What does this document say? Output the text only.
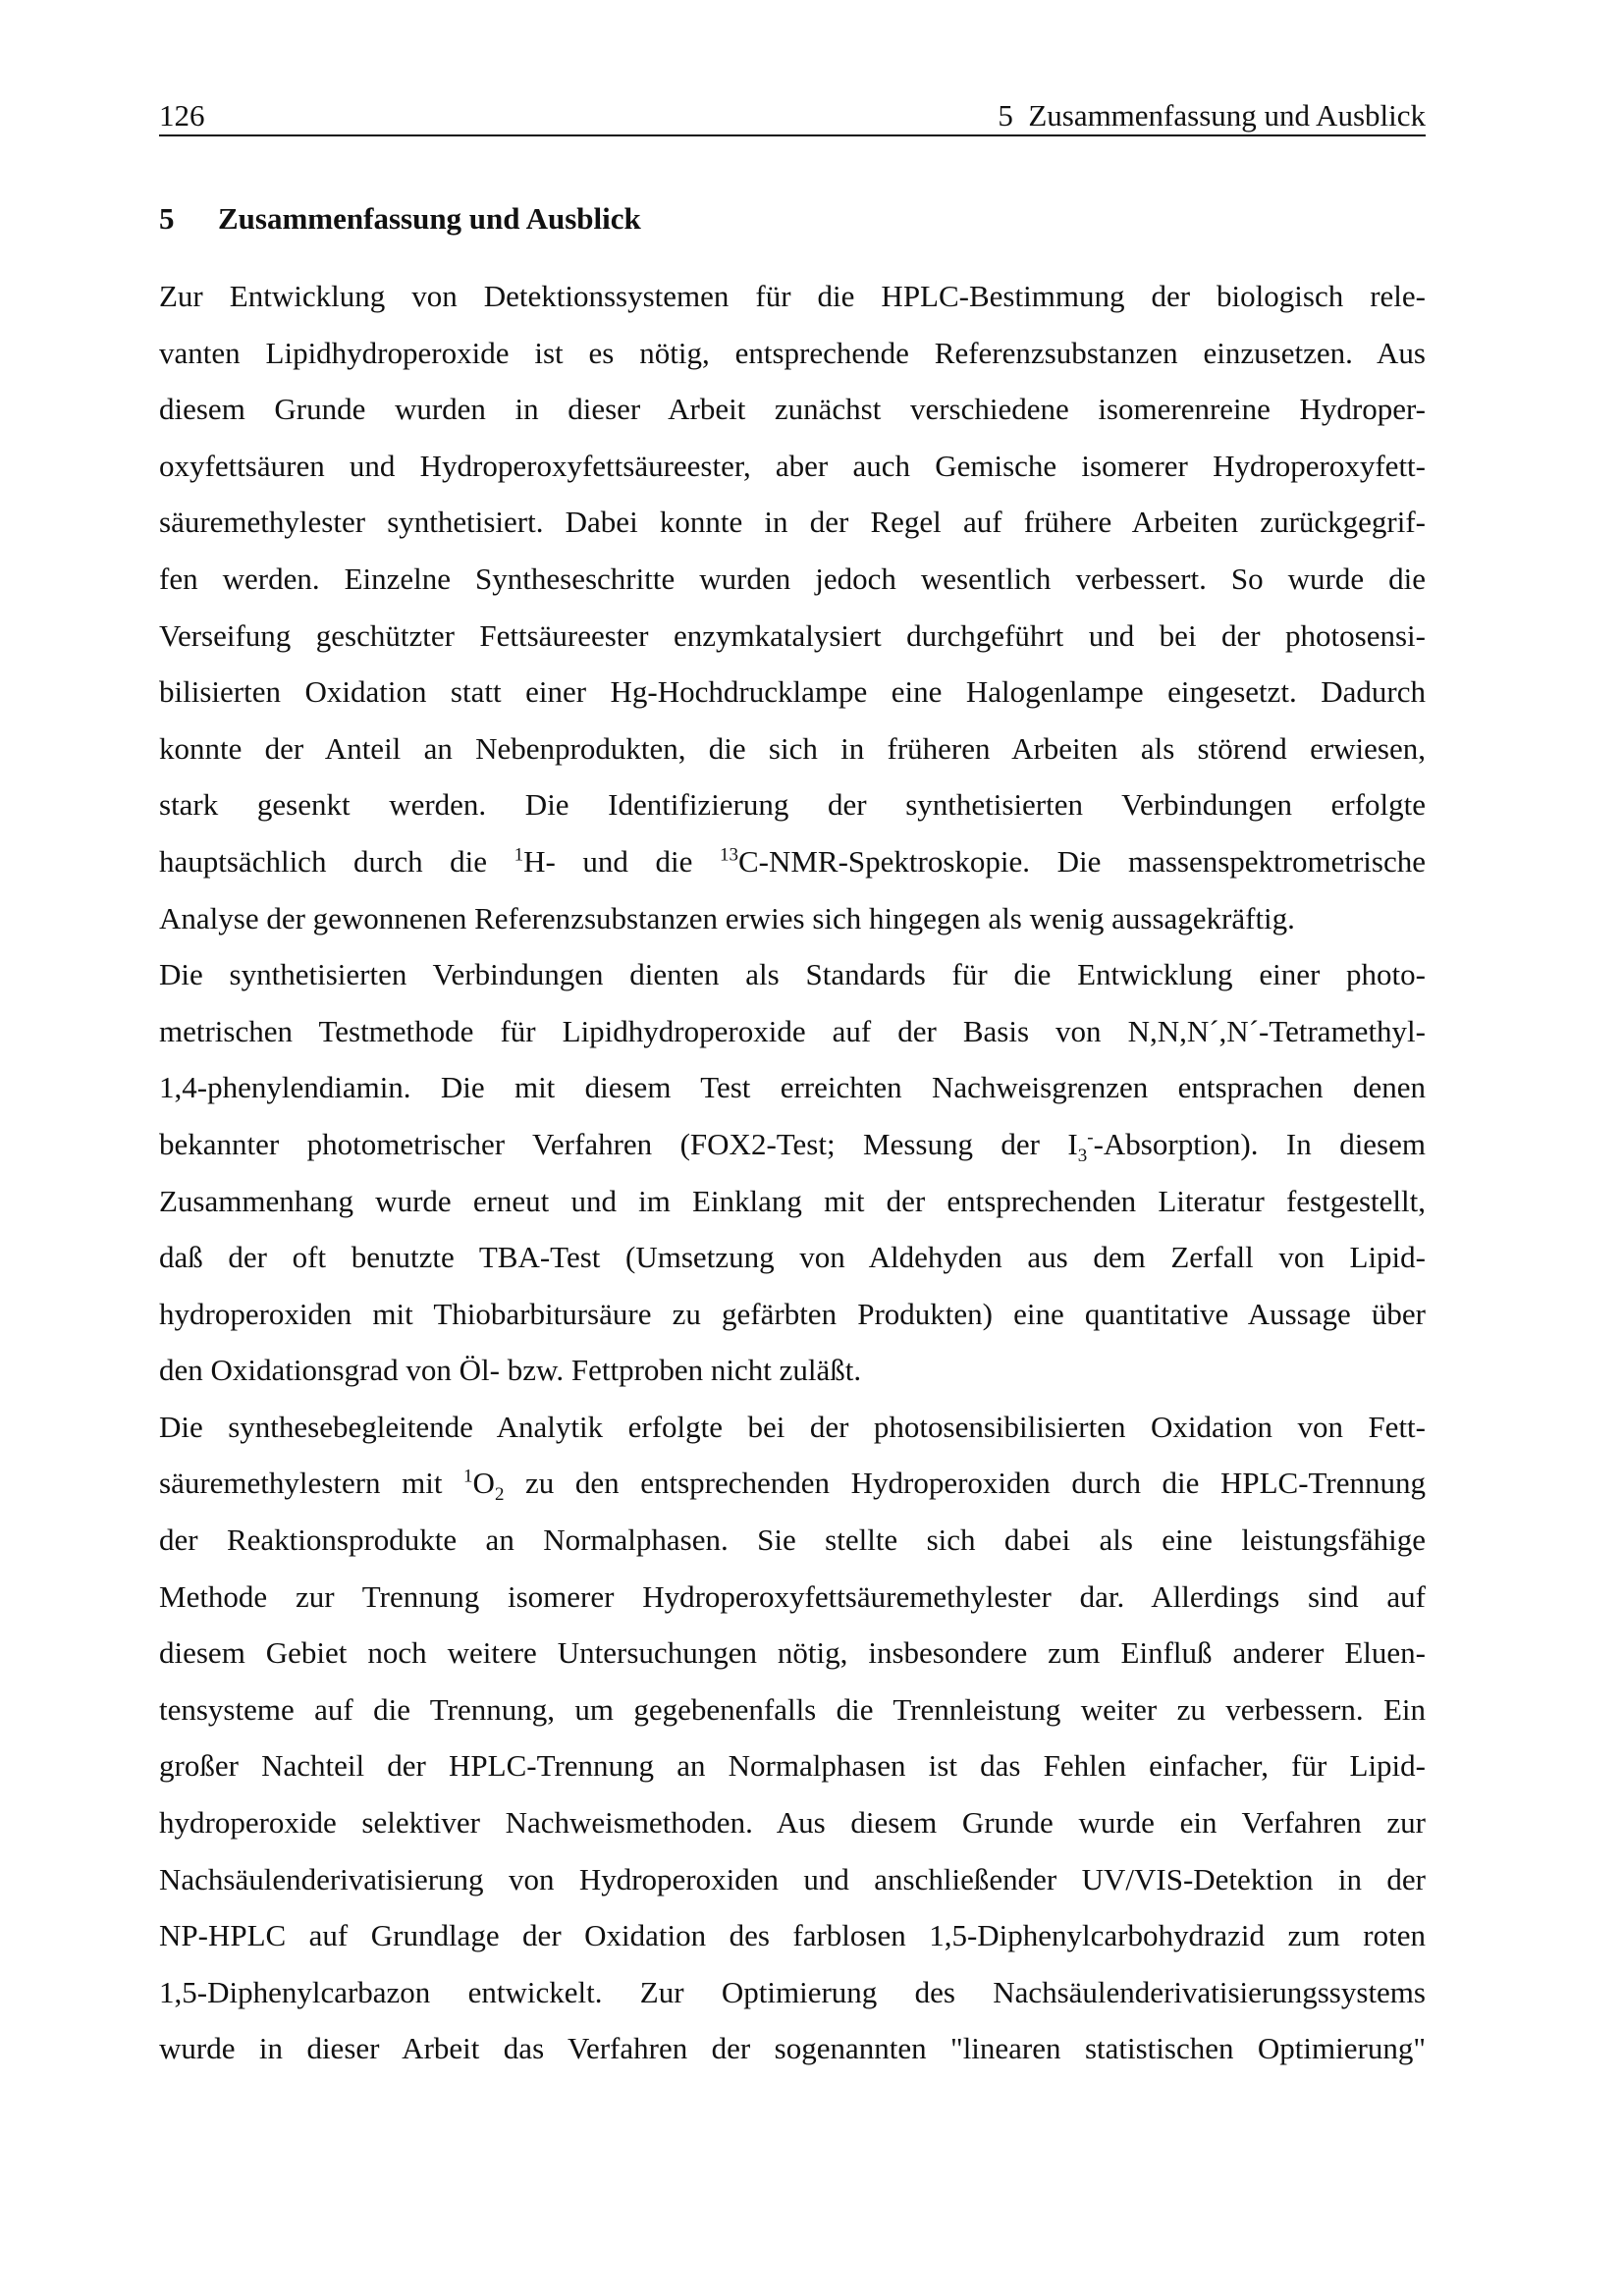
126	5  Zusammenfassung und Ausblick
5	Zusammenfassung und Ausblick
Zur Entwicklung von Detektionssystemen für die HPLC-Bestimmung der biologisch rele-
vanten Lipidhydroperoxide ist es nötig, entsprechende Referenzsubstanzen einzusetzen. Aus
diesem Grunde wurden in dieser Arbeit zunächst verschiedene isomerenreine Hydroper-
oxyfettsäuren und Hydroperoxyfettsäureester, aber auch Gemische isomerer Hydroperoxyfett-
säuremethylester synthetisiert. Dabei konnte in der Regel auf frühere Arbeiten zurückgegrif-
fen werden. Einzelne Syntheseschritte wurden jedoch wesentlich verbessert. So wurde die
Verseifung geschützter Fettsäureester enzymkatalysiert durchgeführt und bei der photosensi-
bilisierten Oxidation statt einer Hg-Hochdrucklampe eine Halogenlampe eingesetzt. Dadurch
konnte der Anteil an Nebenprodukten, die sich in früheren Arbeiten als störend erwiesen,
stark gesenkt werden. Die Identifizierung der synthetisierten Verbindungen erfolgte
hauptsächlich durch die $^1$H- und die $^{13}$C-NMR-Spektroskopie. Die massenspektrometrische
Analyse der gewonnenen Referenzsubstanzen erwies sich hingegen als wenig aussagekräftig.
Die synthetisierten Verbindungen dienten als Standards für die Entwicklung einer photo-
metrischen Testmethode für Lipidhydroperoxide auf der Basis von N,N,N´,N´-Tetramethyl-
1,4-phenylendiamin. Die mit diesem Test erreichten Nachweisgrenzen entsprachen denen
bekannter photometrischer Verfahren (FOX2-Test; Messung der $I_3^--Absorption$). In diesem
Zusammenhang wurde erneut und im Einklang mit der entsprechenden Literatur festgestellt,
daß der oft benutzte TBA-Test (Umsetzung von Aldehyden aus dem Zerfall von Lipid-
hydroperoxiden mit Thiobarbitursäure zu gefärbten Produkten) eine quantitative Aussage über
den Oxidationsgrad von Öl- bzw. Fettproben nicht zuläßt.
Die synthesebegleitende Analytik erfolgte bei der photosensibilisierten Oxidation von Fett-
säuremethylestern mit $^1O_2$ zu den entsprechenden Hydroperoxiden durch die HPLC-Trennung
der Reaktionsprodukte an Normalphasen. Sie stellte sich dabei als eine leistungsfähige
Methode zur Trennung isomerer Hydroperoxyfettsäuremethylester dar. Allerdings sind auf
diesem Gebiet noch weitere Untersuchungen nötig, insbesondere zum Einfluß anderer Eluen-
tensysteme auf die Trennung, um gegebenenfalls die Trennleistung weiter zu verbessern. Ein
großer Nachteil der HPLC-Trennung an Normalphasen ist das Fehlen einfacher, für Lipid-
hydroperoxide selektiver Nachweismethoden. Aus diesem Grunde wurde ein Verfahren zur
Nachsäulenderivatisierung von Hydroperoxiden und anschließender UV/VIS-Detektion in der
NP-HPLC auf Grundlage der Oxidation des farblosen 1,5-Diphenylcarbohydrazid zum roten
1,5-Diphenylcarbazon entwickelt. Zur Optimierung des Nachsäulenderivatisierungssystems
wurde in dieser Arbeit das Verfahren der sogenannten "linearen statistischen Optimierung"
